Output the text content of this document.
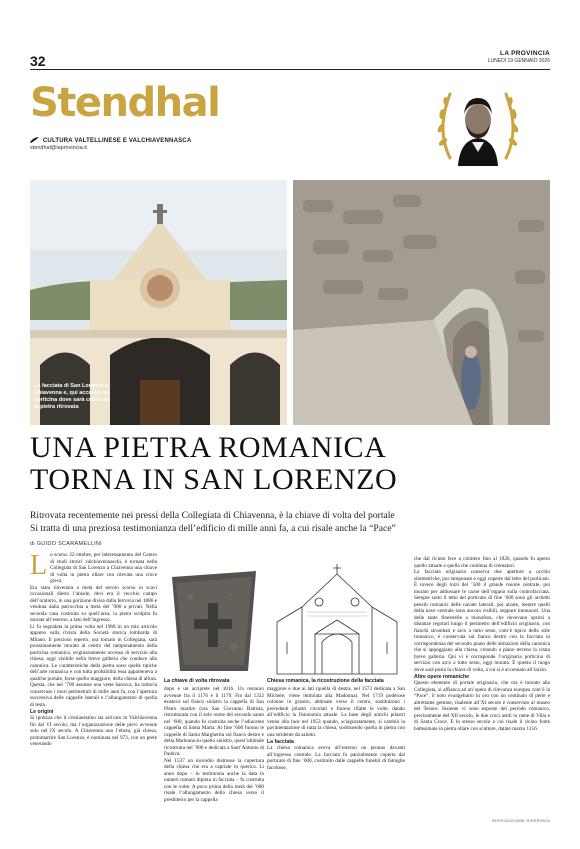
32	LA PROVINCIA
LUNEDÌ 19 GENNAIO 2026
Stendhal
CULTURA VALTELLINESE E VALCHIAVENNASCA
stendhal@laprovincia.it
La facciata di San Lorenzo a Chiavenna e, qui accanto, la porticina dove sarà collocata la pietra ritrovata
UNA PIETRA ROMANICA
TORNA IN SAN LORENZO
Ritrovata recentemente nei pressi della Collegiata di Chiavenna, è la chiave di volta del portale
Si tratta di una preziosa testimonianza dell’edificio di mille anni fa, a cui risale anche la “Pace”
di GUIDO SCARAMELLINI

Lo scorso 22 ottobre, per interessamento del Centro di studi storici valchiavennaschi, è tornata nella Collegiata di San Lorenzo a Chiavenna una chiave di volta in pietra ollare con rilevata una croce greca.

Era stata rinvenuta a metà del secolo scorso in scavi occasionali dietro l’abside, devi era il vecchio campo dell’oratorio, in una porzione divisa dalla ferrovia nel 1886 e venduta dalla parrocchia a metà del ’900 a privati. Nella seconda casa costruita su quell’area, la pietra scolpita fu murata all’esterno, a lato dell’ingresso.

Li fu segnalata la prima volta nel 1968 in un mio articolo apparso sulla rivista della Società storica lombarda di Milano. Il prezioso reperto, ora tornato in Collegiata, sarà prossimamente murato al centro del tamponamento della porticina romanica, originariamente accesso di servizio alla chiesa, oggi visibile nella breve galleria che conduce alla canonica. Le caratteristiche della pietra sono quelle tipiche dell’arte romanica e con tutta probabilità essa apparteneva a qualche portale, forse quello maggiore, della chiesa di allora. Questa, che nel ’700 assunse una veste barocca, ha tuttavia conservato i muri perimetrali di mille anni fa, con l’apertura successiva delle cappelle laterali e l’allungamento di quella di testa.

Le origini

Si ipotizza che il cristianesimo sia arrivato in Valchiavenna fin dal VI secolo, ma l’organizzazione delle pievi avvenne solo nel IX secolo. A Chiavenna uno l’ebrea, già chiesa, protomartire San Lorenzo, è nominata nel 973, con un prete venerando

La chiave di volta ritrovata	Chiesa romanica, la ricostruzione della facciata

dopo e un arciprete nel 1016. Un restauro avvenne fra il 1176 e il 1179. Fin dal 1332 esisteva sul fianco sinistro la cappella di San Pietro martire (ora San Giovanni Battista, ristrutturata con il sole nome del secondo santo nel ’600, quando fu costruita anche l’adiacente cappella di Santa Marta. Al fine ’600 furono le cappelle di Santa Margherita sul fianco destro e della Madonna su quello sinistro, quest’ultimale ricostruita nel ’900 e dedicata a Sant’Antonio di Padova.

Nel 1537 un incendio distrusse la copertura della chiesa che era a capriate in querica. Lì anno dopo – lo testimonia anche la data in numeri romani dipinta in facciata – fu costruita con le volte. A poco prima della metà del ’600 risale l’allungamento della chiesa verso il presbiterio per la cappella

maggiore e due ai lati (quella di destra, nel 1573 dedicata a San Michele, viene intitolata alla Madonna). Nel 1719 poderose colonne in granito, abbinate verso il centro, sostituirono i precedenti pilastri circolari e furono rifatte le volte, dando all’edificio la fisionomia attuale. La base degli antichi pilastri venne alla luce nel 1953 quando, sciaguratamente, si cambiò la pavimentazione di tutta la chiesa, sostituendo quella in pietra con una stridente da salotto.

La facciata

La chiesa romanica aveva all’esterno un pronao davanti all’ingresso centrale. La facciata fu parzialmente coperta dal porticato di fine ’600, costituito dalle cappelle funebri di famiglie facoltose,

che dal ricinto fece a cimitero fino al 1820, quando fu aperto quello attuale a quella che continua di crematori.

La facciata originaria conserva due aperture a occhio simmetriche, pur tamponate e oggi coperte dal tetto del porticato. È invece degli inizi del ’500 il grande rosone centrale, poi murato per addossare le carne dell’organo sulla controfacciata. Sempre sotto il tetto del porticato di fine ’600 sono gli archetti pensili romanici delle navate laterali, poi alzate, mentre quelli della nave centrale sono ancora visibili, seppure intonacati. Una delle tante finestrelle a monofora, che dovevano aprirsi a distanze regolari lungo il perimetro dell’edificio originario, con fianchi strombati e arco a tutto sesto, com’è tipico dello stile romanico, è conservata sul fianco destro con la facciata in corrispondenza del secondo piano delle abitazioni della canonica che si appoggiano alla chiesa, creando a piano terreno la citata breve galleria. Qui vi è corrisponde l’originaria porticina di servizio con arco a tutto sesto, oggi murata. È questo il luogo dove sarà posta la chiave di volta, a cui si è accennato all’inizio.

Altre opere romaniche

Questo elemento di portale originario, che ora è tornato alla Collegiata, si affianca ad un’opera di rilevanza europea com’è la “Pace”, il noto evangeliario in oro con un centinaio di perle e altrettante gemme, risalente all’XI secolo e conservato al museo del Tesoro. Insieme vi sono esposte del periodo romanico, precisamente del XII secolo, le due croci astili in rame di Villa e di Santa Croce. E lo stesso secolo a cui risale il ricino fonte battesimale in pietra ollare con scultore, datato marzo 1156.

RIPRODUZIONE RISERVATA
